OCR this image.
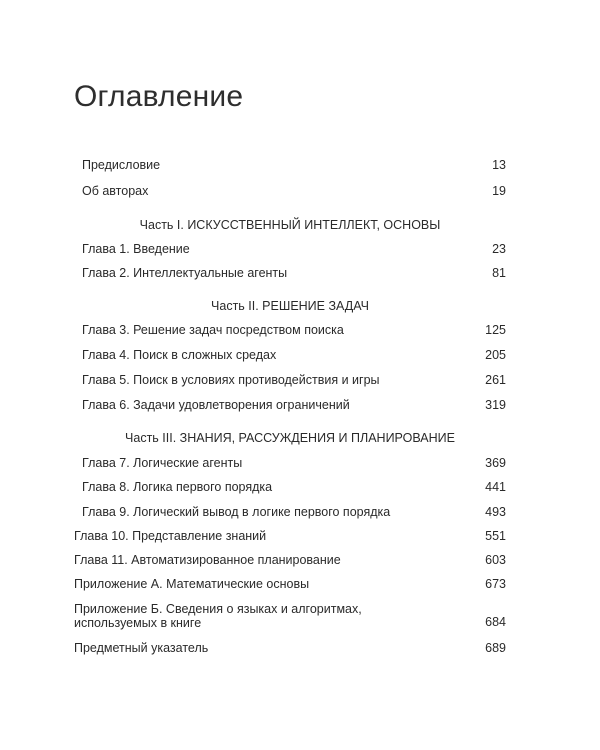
Оглавление
Предисловие	13
Об авторах	19
Часть I. ИСКУССТВЕННЫЙ ИНТЕЛЛЕКТ, ОСНОВЫ
Глава 1. Введение	23
Глава 2. Интеллектуальные агенты	81
Часть II. РЕШЕНИЕ ЗАДАЧ
Глава 3. Решение задач посредством поиска	125
Глава 4. Поиск в сложных средах	205
Глава 5. Поиск в условиях противодействия и игры	261
Глава 6. Задачи удовлетворения ограничений	319
Часть III. ЗНАНИЯ, РАССУЖДЕНИЯ И ПЛАНИРОВАНИЕ
Глава 7. Логические агенты	369
Глава 8. Логика первого порядка	441
Глава 9. Логический вывод в логике первого порядка	493
Глава 10. Представление знаний	551
Глава 11. Автоматизированное планирование	603
Приложение А. Математические основы	673
Приложение Б. Сведения о языках и алгоритмах,
используемых в книге	684
Предметный указатель	689
